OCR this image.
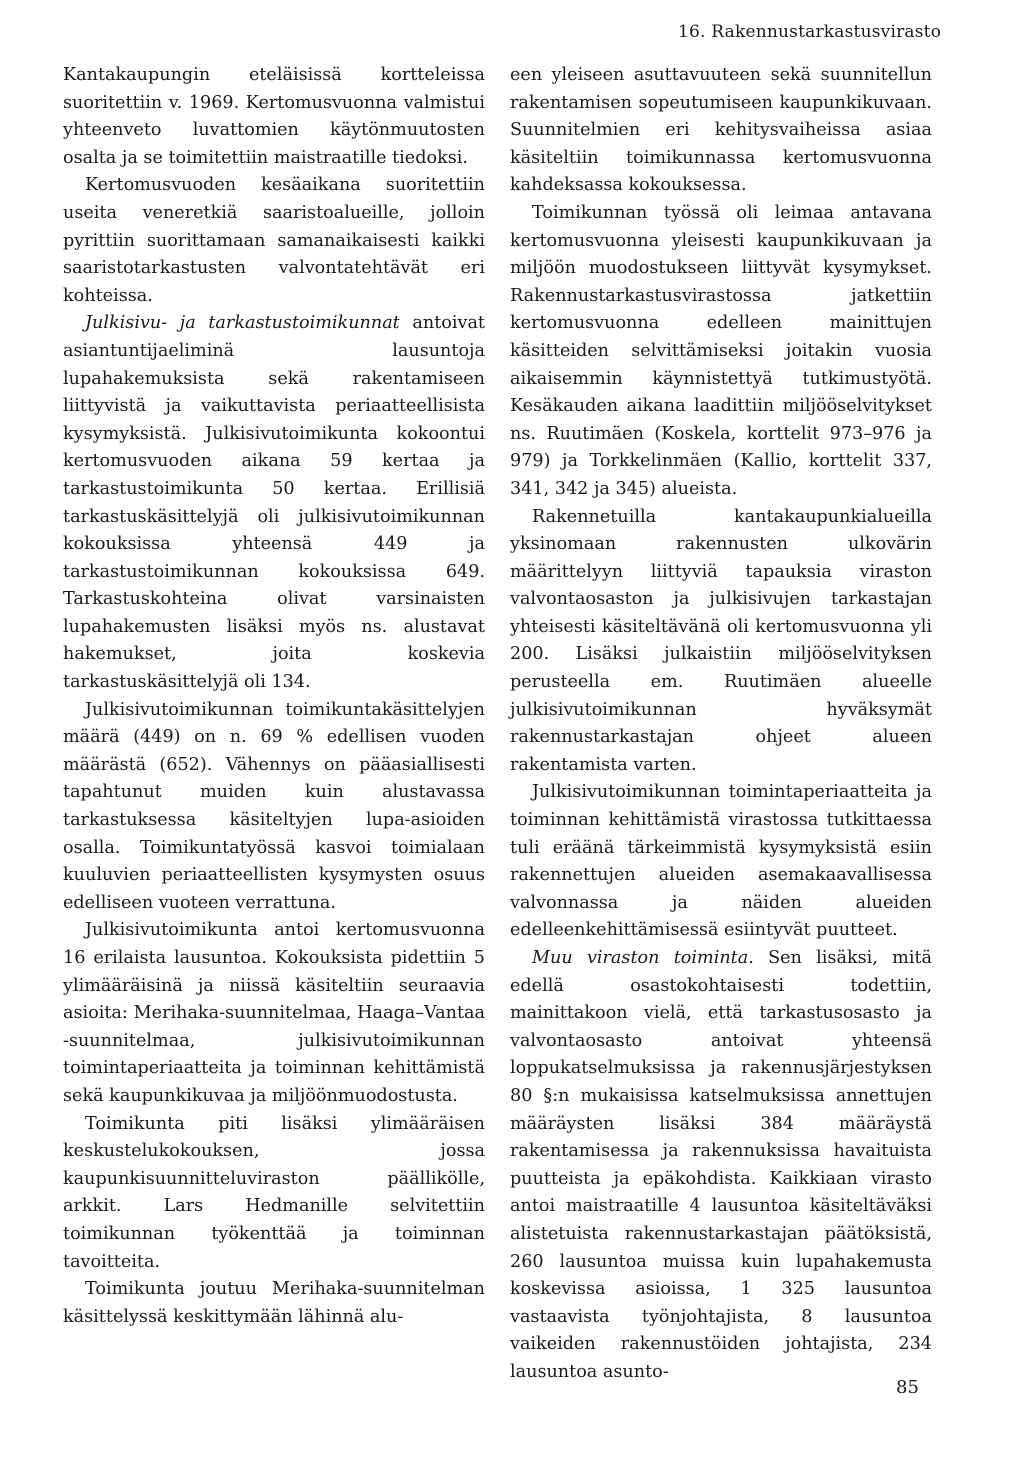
16. Rakennustarkastusvirasto

Kantakaupungin eteläisissä kortteleissa suoritettiin v. 1969. Kertomusvuonna valmistui yhteenveto luvattomien käytönmuutosten osalta ja se toimitettiin maistraatille tiedoksi.

Kertomusvuoden kesäaikana suoritettiin useita veneretkiä saaristoalueille, jolloin pyrittiin suorittamaan samanaikaisesti kaikki saaristotarkastusten valvontatehtävät eri kohteissa.

Julkisivu- ja tarkastustoimikunnat antoivat asiantuntijaeliminä lausuntoja lupahakemuksista sekä rakentamiseen liittyvistä ja vaikuttavista periaatteellisista kysymyksistä. Julkisivutoimikunta kokoontui kertomusvuoden aikana 59 kertaa ja tarkastustoimikunta 50 kertaa. Erillisiä tarkastuskäsittelyjä oli julkisivutoimikunnan kokouksissa yhteensä 449 ja tarkastustoimikunnan kokouksissa 649. Tarkastuskohteina olivat varsinaisten lupahakemusten lisäksi myös ns. alustavat hakemukset, joita koskevia tarkastuskäsittelyjä oli 134.

Julkisivutoimikunnan toimikuntakäsittelyjen määrä (449) on n. 69 % edellisen vuoden määrästä (652). Vähennys on pääasiallisesti tapahtunut muiden kuin alustavassa tarkastuksessa käsiteltyjen lupa-asioiden osalla. Toimikuntatyössä kasvoi toimialaan kuuluvien periaatteellisten kysymysten osuus edelliseen vuoteen verrattuna.

Julkisivutoimikunta antoi kertomusvuonna 16 erilaista lausuntoa. Kokouksista pidettiin 5 ylimääräisinä ja niissä käsiteltiin seuraavia asioita: Merihaka-suunnitelmaa, Haaga–Vantaa -suunnitelmaa, julkisivutoimikunnan toimintaperiaatteita ja toiminnan kehittämistä sekä kaupunkikuvaa ja miljöönmuodostusta.

Toimikunta piti lisäksi ylimääräisen keskustelukokouksen, jossa kaupunkisuunnitteluviraston päällikölle, arkkit. Lars Hedmanille selvitettiin toimikunnan työkenttää ja toiminnan tavoitteita.

Toimikunta joutuu Merihaka-suunnitelman käsittelyssä keskittymään lähinnä alu-

een yleiseen asuttavuuteen sekä suunnitellun rakentamisen sopeutumiseen kaupunkikuvaan. Suunnitelmien eri kehitysvaiheissa asiaa käsiteltiin toimikunnassa kertomusvuonna kahdeksassa kokouksessa.

Toimikunnan työssä oli leimaa antavana kertomusvuonna yleisesti kaupunkikuvaan ja miljöön muodostukseen liittyvät kysymykset. Rakennustarkastusvirastossa jatkettiin kertomusvuonna edelleen mainittujen käsitteiden selvittämiseksi joitakin vuosia aikaisemmin käynnistettyä tutkimustyötä. Kesäkauden aikana laadittiin miljööselvitykset ns. Ruutimäen (Koskela, korttelit 973–976 ja 979) ja Torkkelinmäen (Kallio, korttelit 337, 341, 342 ja 345) alueista.

Rakennetuilla kantakaupunkialueilla yksinomaan rakennusten ulkovärin määrittelyyn liittyviä tapauksia viraston valvontaosaston ja julkisivujen tarkastajan yhteisesti käsiteltävänä oli kertomusvuonna yli 200. Lisäksi julkaistiin miljööselvityksen perusteella em. Ruutimäen alueelle julkisivutoimikunnan hyväksymät rakennustarkastajan ohjeet alueen rakentamista varten.

Julkisivutoimikunnan toimintaperiaatteita ja toiminnan kehittämistä virastossa tutkittaessa tuli eräänä tärkeimmistä kysymyksistä esiin rakennettujen alueiden asemakaavallisessa valvonnassa ja näiden alueiden edelleenkehittämisessä esiintyvät puutteet.

Muu viraston toiminta. Sen lisäksi, mitä edellä osastokohtaisesti todettiin, mainittakoon vielä, että tarkastusosasto ja valvontaosasto antoivat yhteensä loppukatselmuksissa ja rakennusjärjestyksen 80 §:n mukaisissa katselmuksissa annettujen määräysten lisäksi 384 määräystä rakentamisessa ja rakennuksissa havaituista puutteista ja epäkohdista. Kaikkiaan virasto antoi maistraatille 4 lausuntoa käsiteltäväksi alistetuista rakennustarkastajan päätöksistä, 260 lausuntoa muissa kuin lupahakemusta koskevissa asioissa, 1 325 lausuntoa vastaavista työnjohtajista, 8 lausuntoa vaikeiden rakennustöiden johtajista, 234 lausuntoa asunto-

85
